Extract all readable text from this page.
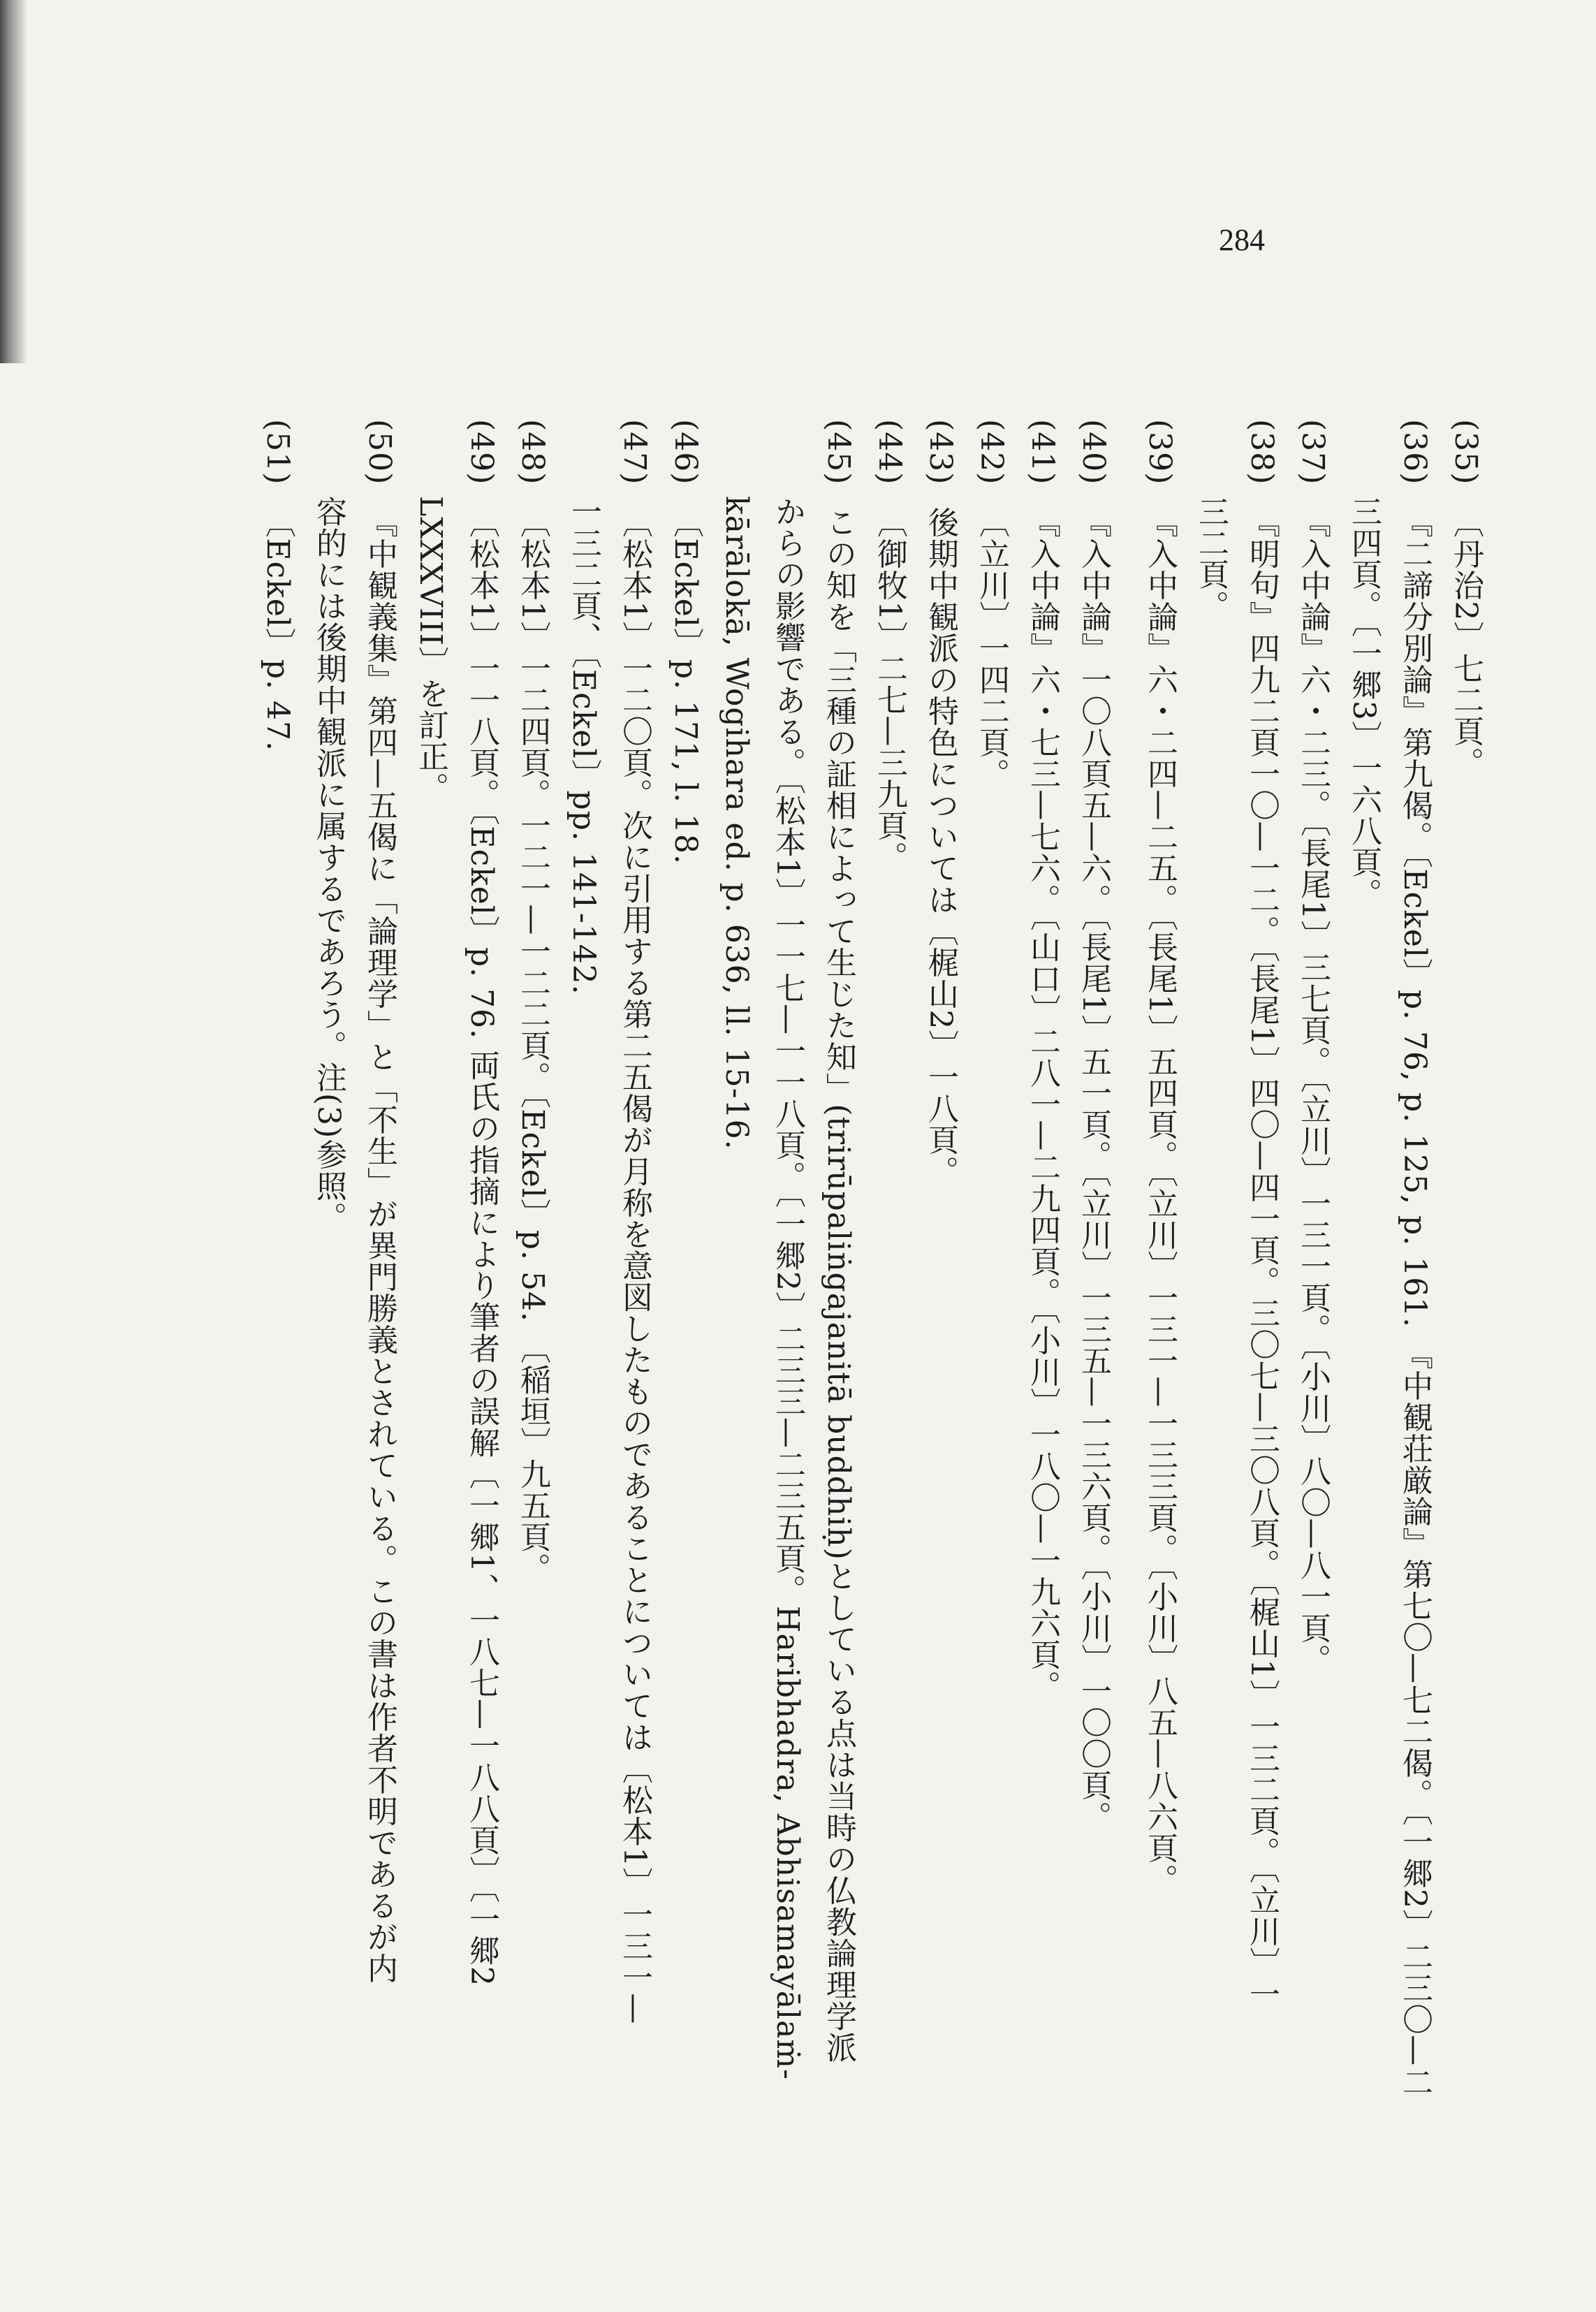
284
(35) 〔丹治2〕七二頁。
(36) 『二諦分別論』第九偈。〔Eckel〕p. 76, p. 125, p. 161. 『中観荘厳論』第七〇—七二偈。〔一郷2〕二三〇—二
三四頁。〔一郷3〕一六八頁。
(37) 『入中論』六・二三。〔長尾1〕三七頁。〔立川〕一三一頁。〔小川〕八〇—八一頁。
(38) 『明句』四九二頁一〇—一二。〔長尾1〕四〇—四一頁。三〇七—三〇八頁。〔梶山1〕一三二頁。〔立川〕一
三二頁。
(39) 『入中論』六・二四—二五。〔長尾1〕五四頁。〔立川〕一三一—一三三頁。〔小川〕八五—八六頁。
(40) 『入中論』一〇八頁五—六。〔長尾1〕五一頁。〔立川〕一三五—一三六頁。〔小川〕一〇〇頁。
(41) 『入中論』六・七三—七六。〔山口〕二八一—二九四頁。〔小川〕一八〇—一九六頁。
(42) 〔立川〕一四二頁。
(43) 後期中観派の特色については〔梶山2〕一八頁。
(44) 〔御牧1〕二七—三九頁。
(45) この知を「三種の証相によって生じた知」(trirūpaliṅgajanitā buddhiḥ)としている点は当時の仏教論理学派
からの影響である。〔松本1〕一一七—一一八頁。〔一郷2〕二三三—二三五頁。Haribhadra, Abhisamayālaṁ-
kārālokā, Wogihara ed. p. 636, ll. 15-16.
(46) 〔Eckel〕p. 171, l. 18.
(47) 〔松本1〕一二〇頁。次に引用する第二五偈が月称を意図したものであることについては〔松本1〕一三一—
一三二頁、〔Eckel〕pp. 141-142.
(48) 〔松本1〕一二四頁。一二一—一二二頁。〔Eckel〕p. 54. 〔稲垣〕九五頁。
(49) 〔松本1〕一一八頁。〔Eckel〕p. 76. 両氏の指摘により筆者の誤解〔一郷1、一八七—一八八頁〕〔一郷2
LXXXVIII〕を訂正。
(50) 『中観義集』第四—五偈に「論理学」と「不生」が異門勝義とされている。この書は作者不明であるが内
容的には後期中観派に属するであろう。注(3)参照。
(51) 〔Eckel〕p. 47.
